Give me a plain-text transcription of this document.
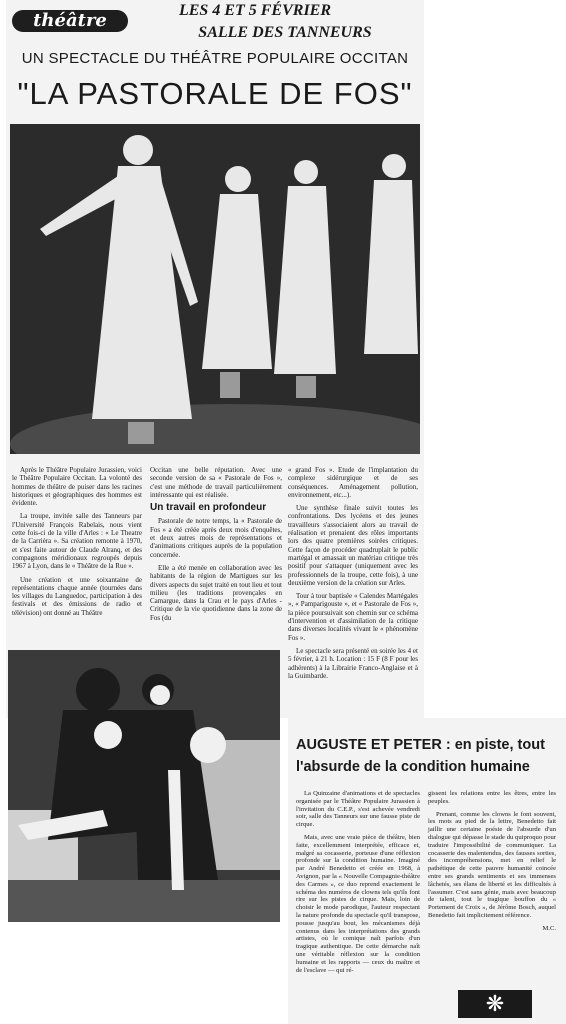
théâtre	LES 4 ET 5 FÉVRIER
SALLE DES TANNEURS
UN SPECTACLE DU THÉÂTRE POPULAIRE OCCITAN
"LA PASTORALE DE FOS"

Après le Théâtre Populaire Jurassien, voici le Théâtre Populaire Occitan. La volonté des hommes de théâtre de puiser dans les racines historiques et géographiques des hommes est évidente.

La troupe, invitée salle des Tanneurs par l'Université François Rabelais, nous vient cette fois-ci de la ville d'Arles : « Le Theatre de la Carrièra ». Sa création remonte à 1970, et s'est faite autour de Claude Alranq, et des compagnons méridionaux regroupés depuis 1967 à Lyon, dans le « Théâtre de la Rue ».

Une création et une soixantaine de représentations chaque année (tournées dans les villages du Languedoc, participation à des festivals et des émissions de radio et télévision) ont donné au Théâtre

Occitan une belle réputation. Avec une seconde version de sa « Pastorale de Fos », c'est une méthode de travail particulièrement intéressante qui est réalisée.

Un travail en profondeur

Pastorale de notre temps, la « Pastorale de Fos » a été créée après deux mois d'enquêtes, et deux autres mois de représentations et d'animations critiques auprès de la population concernée.

Elle a été menée en collaboration avec les habitants de la région de Martigues sur les divers aspects du sujet traité en tout lieu et tout milieu (les traditions provençales en Camargue, dans la Crau et le pays d'Arles - Critique de la vie quotidienne dans la zone de Fos (du

« grand Fos ». Etude de l'implantation du complexe sidérurgique et de ses conséquences. Aménagement pollution, environnement, etc...).

Une synthèse finale suivit toutes les confrontations. Des lycéens et des jeunes travailleurs s'associaient alors au travail de réalisation et prenaient des rôles importants lors des quatre premières soirées critiques. Cette façon de procéder quadruplait le public martégal et amassait un matériau critique très positif pour s'attaquer (uniquement avec les professionnels de la troupe, cette fois), à une deuxième version de la création sur Arles.

Tour à tour baptisée « Calendes Martégales », « Pamparigouste », et « Pastorale de Fos », la pièce poursuivait son chemin sur ce schéma d'intervention et d'assimilation de la critique dans diverses localités vivant le « phénomène Fos ».

Le spectacle sera présenté en soirée les 4 et 5 février, à 21 h. Location : 15 F (8 F pour les adhérents) à la Librairie Franco-Anglaise et à la Guimbarde.

AUGUSTE ET PETER : en piste, tout l'absurde de la condition humaine

La Quinzaine d'animations et de spectacles organisée par le Théâtre Populaire Jurassien à l'invitation du C.E.P., s'est achevée vendredi soir, salle des Tanneurs sur une fausse piste de cirque.

Mais, avec une vraie pièce de théâtre, bien faite, excellemment interprétée, efficace et, malgré sa cocasserie, porteuse d'une réflexion profonde sur la condition humaine. Imaginé par André Benedetto et créée en 1968, à Avignon, par la « Nouvelle Compagnie-théâtre des Carmes », ce duo reprend exactement le schéma des numéros de clowns tels qu'ils font rire sur les pistes de cirque. Mais, loin de choisir le mode parodique, l'auteur respectant la nature profonde du spectacle qu'il transpose, pousse jusqu'au bout, les mécanismes déjà contenus dans les interprétations des grands artistes, où le comique naît parfois d'un tragique authentique. De cette démarche naît une véritable réflexion sur la condition humaine et les rapports — ceux du maître et de l'esclave — qui ré-

gissent les relations entre les êtres, entre les peuples.

Prenant, comme les clowns le font souvent, les mots au pied de la lettre, Benedetto fait jaillir une certaine poésie de l'absurde d'un dialogue qui dépasse le stade du quiproquo pour traduire l'impossibilité de communiquer. La cocasserie des malentendus, des fausses sorties, des incompréhensions, met en relief le pathétique de cette pauvre humanité coincée entre ses grands sentiments et ses immenses lâchetés, ses élans de liberté et les difficultés à l'assumer. C'est sans génie, mais avec beaucoup de talent, tout le tragique bouffon du « Portement de Croix », de Jérôme Bosch, auquel Benedetto fait implicitement référence.

M.C.

❋
